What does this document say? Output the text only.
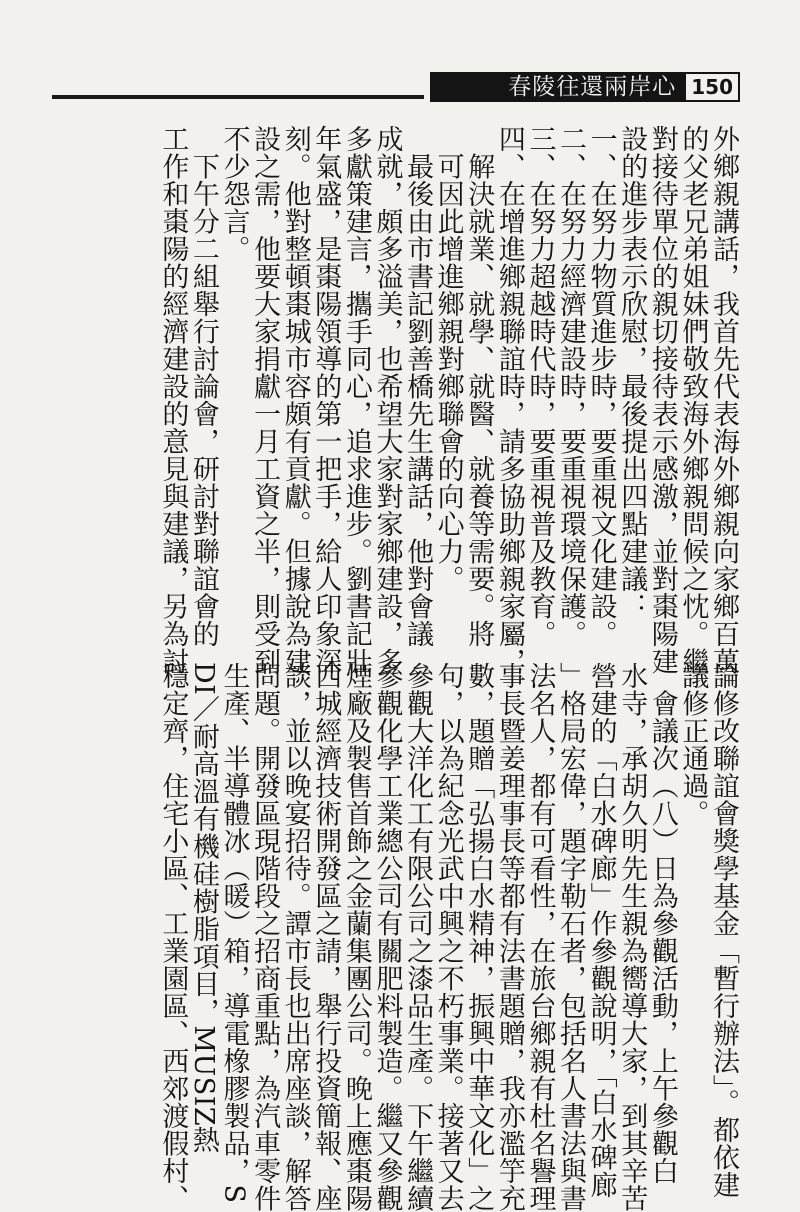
春陵往還兩岸心 150
外鄉親講話，我首先代表海外鄉親向家鄉百萬
的父老兄弟姐妹們敬致海外鄉親問候之忱。繼
對接待單位的親切接待表示感激，並對棗陽建
設的進步表示欣慰，最後提出四點建議：
一、在努力物質進步時，要重視文化建設。
二、在努力經濟建設時，要重視環境保護。
三、在努力超越時代時，要重視普及教育。
四、在增進鄉親聯誼時，請多協助鄉親家屬，
　解決就業、就學、就醫、就養等需要。將
　可因此增進鄉親對鄉聯會的向心力。
　最後由市書記劉善橋先生講話，他對會議
成就，頗多溢美，也希望大家對家鄉建設，多
多獻策建言，攜手同心，追求進步。劉書記壯
年氣盛，是棗陽領導的第一把手，給人印象深
刻。他對整頓棗城市容頗有貢獻。但據說為建
設之需，他要大家捐獻一月工資之半，則受到
不少怨言。
　下午分二組舉行討論會，研討對聯誼會的
工作和棗陽的經濟建設的意見與建議，另為討
論修改聯誼會獎學基金「暫行辦法」。都依建
議修正通過。
　會議次（八）日為參觀活動，上午參觀白
水寺，承胡久明先生親為嚮導大家，到其辛苦
營建的「白水碑廊」作參觀說明，「白水碑廊
」格局宏偉，題字勒石者，包括名人書法與書
法名人，都有可看性，在旅台鄉親有杜名譽理
事長暨姜理事長等都有法書題贈，我亦濫竽充
數，題贈「弘揚白水精神，振興中華文化」之
句，以為紀念光武中興之不朽事業。接著又去
參觀大洋化工有限公司之漆品生產。下午繼續
參觀化學工業總公司有關肥料製造。繼又參觀
煙廠及製售首飾之金蘭集團公司。晚上應棗陽
西城經濟技術開發區之請，舉行投資簡報、座
談，並以晚宴招待。譚市長也出席座談，解答
問題。開發區現階段之招商重點，為汽車零件
生產、半導體冰（暖）箱，導電橡膠製品，S
DI／耐高溫有機硅樹脂項目，MUSIZ熱
穩定齊，住宅小區、工業園區、西郊渡假村、
